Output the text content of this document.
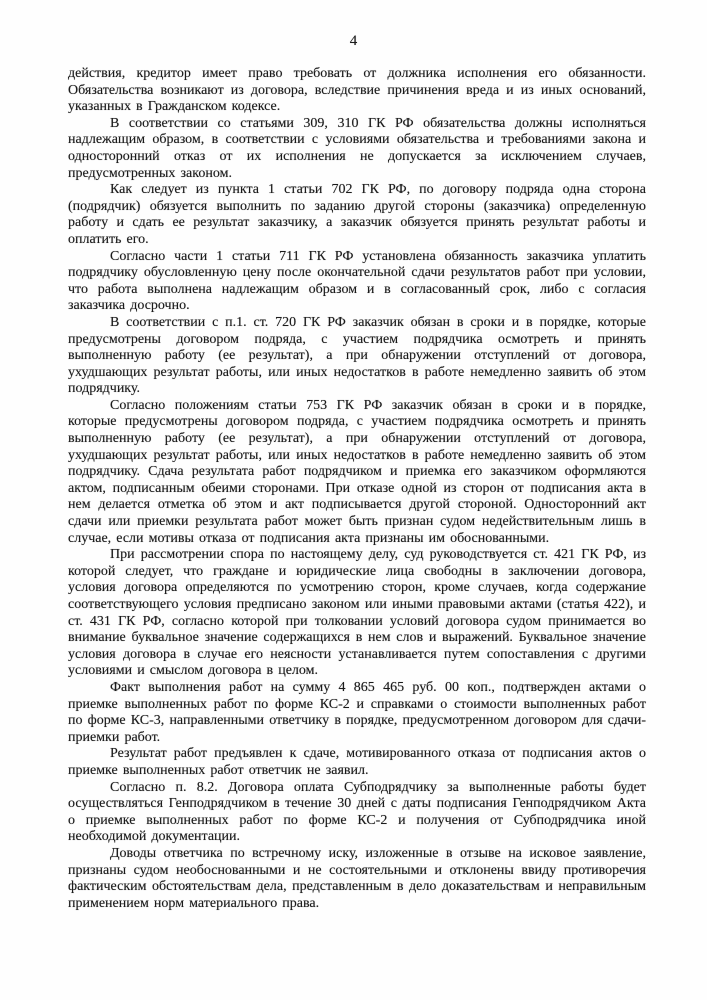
4

действия, кредитор имеет право требовать от должника исполнения его обязанности. Обязательства возникают из договора, вследствие причинения вреда и из иных оснований, указанных в Гражданском кодексе.

В соответствии со статьями 309, 310 ГК РФ обязательства должны исполняться надлежащим образом, в соответствии с условиями обязательства и требованиями закона и односторонний отказ от их исполнения не допускается за исключением случаев, предусмотренных законом.

Как следует из пункта 1 статьи 702 ГК РФ, по договору подряда одна сторона (подрядчик) обязуется выполнить по заданию другой стороны (заказчика) определенную работу и сдать ее результат заказчику, а заказчик обязуется принять результат работы и оплатить его.

Согласно части 1 статьи 711 ГК РФ установлена обязанность заказчика уплатить подрядчику обусловленную цену после окончательной сдачи результатов работ при условии, что работа выполнена надлежащим образом и в согласованный срок, либо с согласия заказчика досрочно.

В соответствии с п.1. ст. 720 ГК РФ заказчик обязан в сроки и в порядке, которые предусмотрены договором подряда, с участием подрядчика осмотреть и принять выполненную работу (ее результат), а при обнаружении отступлений от договора, ухудшающих результат работы, или иных недостатков в работе немедленно заявить об этом подрядчику.

Согласно положениям статьи 753 ГК РФ заказчик обязан в сроки и в порядке, которые предусмотрены договором подряда, с участием подрядчика осмотреть и принять выполненную работу (ее результат), а при обнаружении отступлений от договора, ухудшающих результат работы, или иных недостатков в работе немедленно заявить об этом подрядчику. Сдача результата работ подрядчиком и приемка его заказчиком оформляются актом, подписанным обеими сторонами. При отказе одной из сторон от подписания акта в нем делается отметка об этом и акт подписывается другой стороной. Односторонний акт сдачи или приемки результата работ может быть признан судом недействительным лишь в случае, если мотивы отказа от подписания акта признаны им обоснованными.

При рассмотрении спора по настоящему делу, суд руководствуется ст. 421 ГК РФ, из которой следует, что граждане и юридические лица свободны в заключении договора, условия договора определяются по усмотрению сторон, кроме случаев, когда содержание соответствующего условия предписано законом или иными правовыми актами (статья 422), и ст. 431 ГК РФ, согласно которой при толковании условий договора судом принимается во внимание буквальное значение содержащихся в нем слов и выражений. Буквальное значение условия договора в случае его неясности устанавливается путем сопоставления с другими условиями и смыслом договора в целом.

Факт выполнения работ на сумму 4 865 465 руб. 00 коп., подтвержден актами о приемке выполненных работ по форме КС-2 и справками о стоимости выполненных работ по форме КС-3, направленными ответчику в порядке, предусмотренном договором для сдачи-приемки работ.

Результат работ предъявлен к сдаче, мотивированного отказа от подписания актов о приемке выполненных работ ответчик не заявил.

Согласно п. 8.2. Договора оплата Субподрядчику за выполненные работы будет осуществляться Генподрядчиком в течение 30 дней с даты подписания Генподрядчиком Акта о приемке выполненных работ по форме КС-2 и получения от Субподрядчика иной необходимой документации.

Доводы ответчика по встречному иску, изложенные в отзыве на исковое заявление, признаны судом необоснованными и не состоятельными и отклонены ввиду противоречия фактическим обстоятельствам дела, представленным в дело доказательствам и неправильным применением норм материального права.
